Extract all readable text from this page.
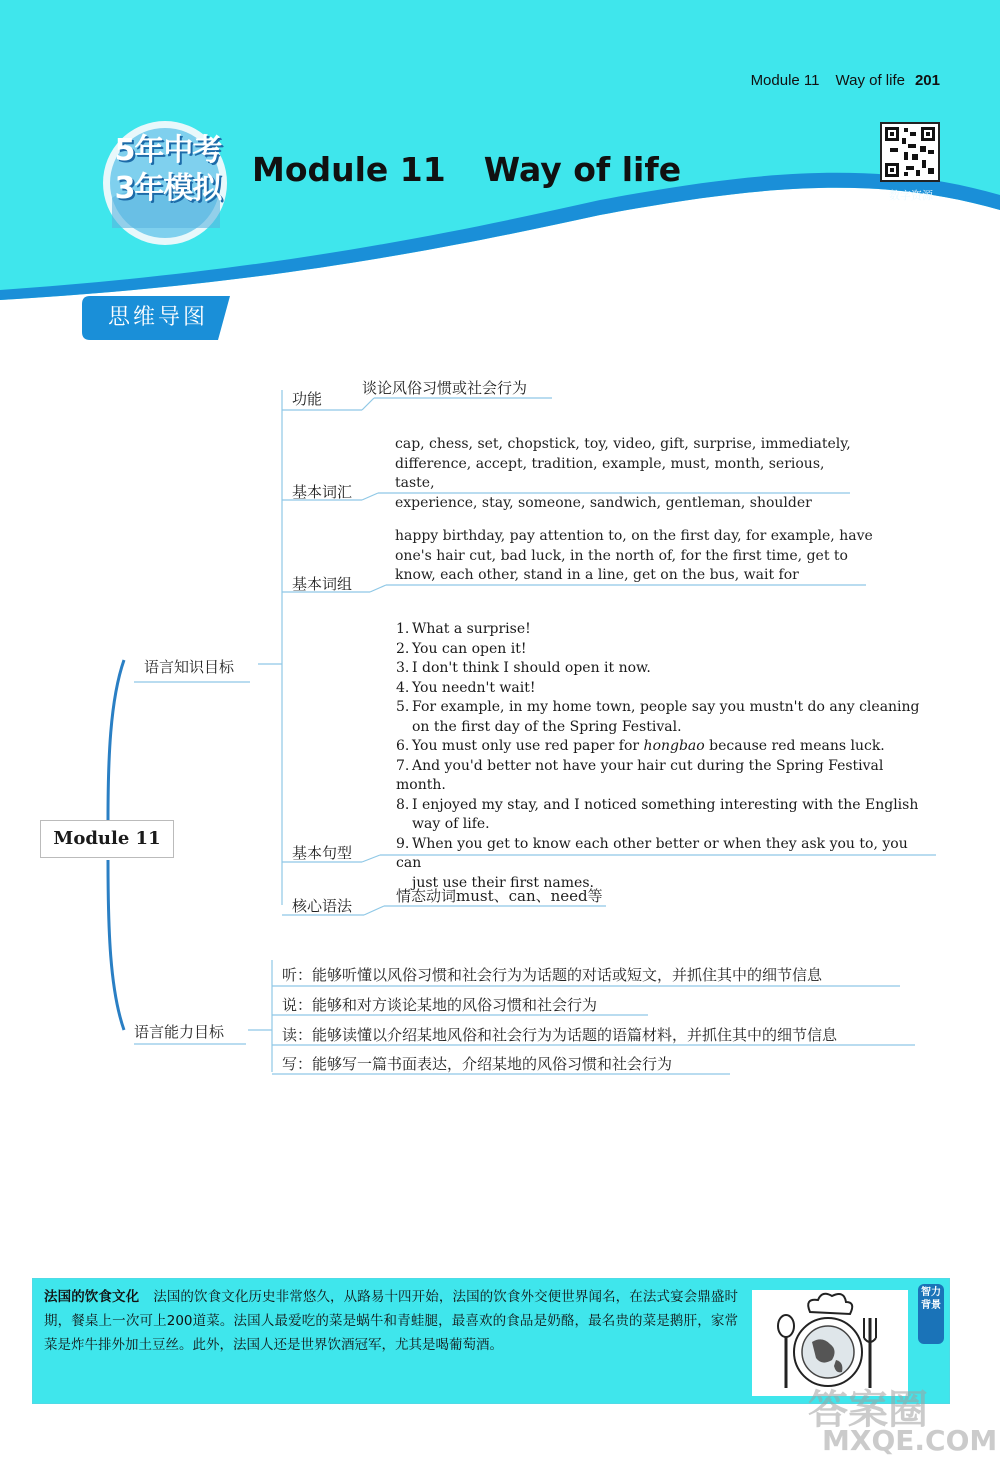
Module 11 Way of life 201
5年中考
3年模拟 Module 11 Way of life
数字资源
思维导图
Module 11
语言知识目标
语言能力目标
功能
谈论风俗习惯或社会行为
基本词汇
cap, chess, set, chopstick, toy, video, gift, surprise, immediately,
difference, accept, tradition, example, must, month, serious, taste,
experience, stay, someone, sandwich, gentleman, shoulder
基本词组
happy birthday, pay attention to, on the first day, for example, have
one's hair cut, bad luck, in the north of, for the first time, get to
know, each other, stand in a line, get on the bus, wait for
基本句型
1. What a surprise!
2. You can open it!
3. I don't think I should open it now.
4. You needn't wait!
5. For example, in my home town, people say you mustn't do any cleaning
on the first day of the Spring Festival.
6. You must only use red paper for hongbao because red means luck.
7. And you'd better not have your hair cut during the Spring Festival month.
8. I enjoyed my stay, and I noticed something interesting with the English
way of life.
9. When you get to know each other better or when they ask you to, you can
just use their first names.
核心语法
情态动词must、can、need等
听：能够听懂以风俗习惯和社会行为为话题的对话或短文，并抓住其中的细节信息
说：能够和对方谈论某地的风俗习惯和社会行为
读：能够读懂以介绍某地风俗和社会行为为话题的语篇材料，并抓住其中的细节信息
写：能够写一篇书面表达，介绍某地的风俗习惯和社会行为
法国的饮食文化 法国的饮食文化历史非常悠久，从路易十四开始，法国的饮食外交便世界闻名，在法式宴会鼎盛时期，餐桌上一次可上200道菜。法国人最爱吃的菜是蜗牛和青蛙腿，最喜欢的食品是奶酪，最名贵的菜是鹅肝，家常菜是炸牛排外加土豆丝。此外，法国人还是世界饮酒冠军，尤其是喝葡萄酒。
智力背景
答案圈
MXQE.COM
